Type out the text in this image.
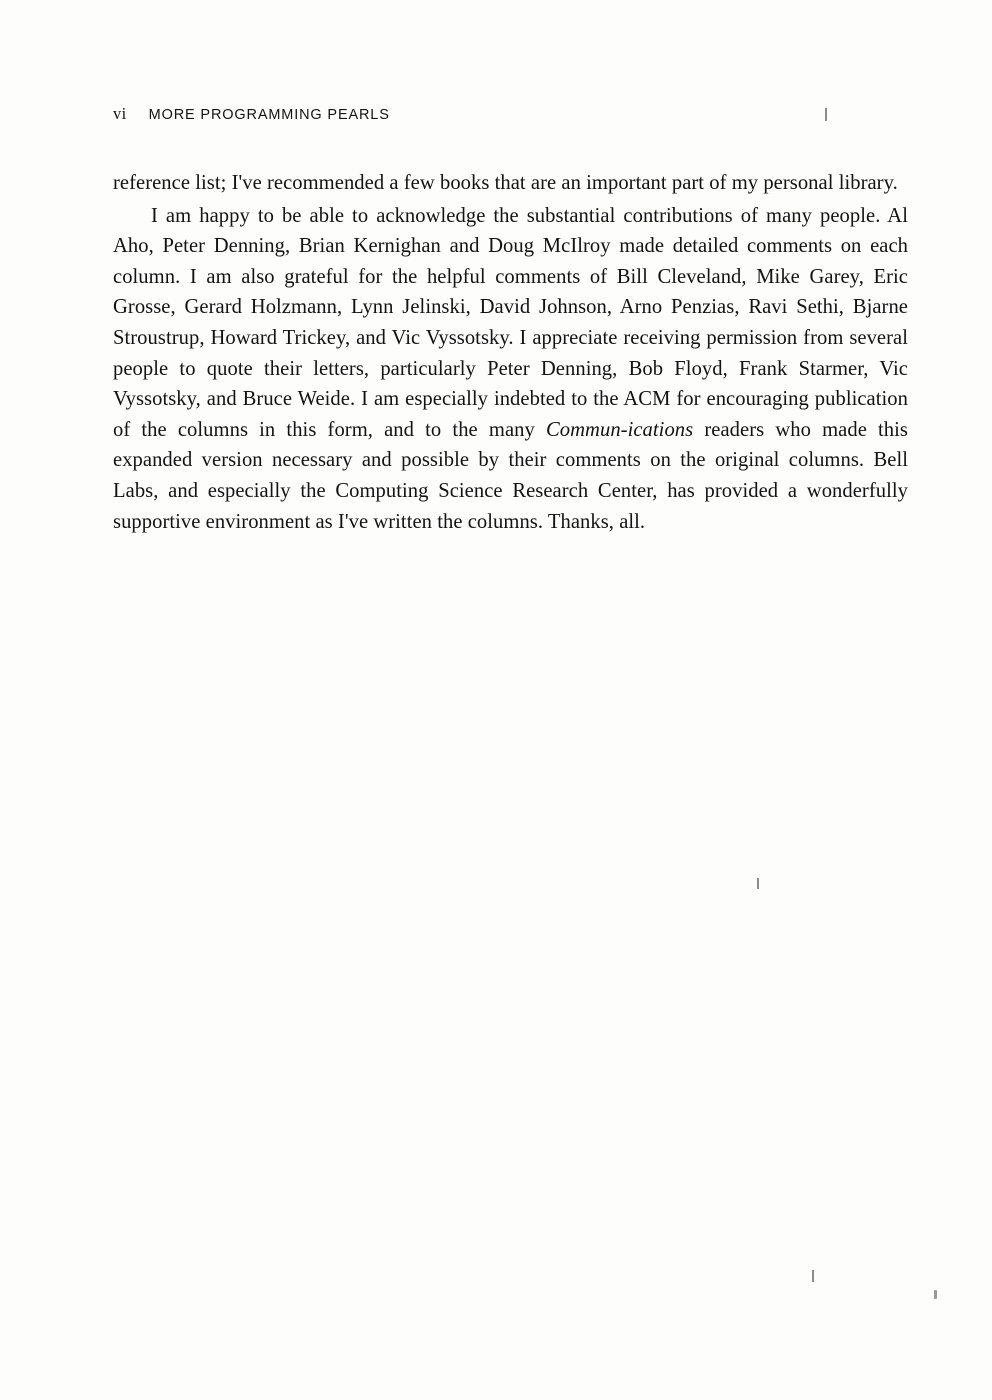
vi MORE PROGRAMMING PEARLS

reference list; I've recommended a few books that are an important part of my personal library.

I am happy to be able to acknowledge the substantial contributions of many people. Al Aho, Peter Denning, Brian Kernighan and Doug McIlroy made detailed comments on each column. I am also grateful for the helpful comments of Bill Cleveland, Mike Garey, Eric Grosse, Gerard Holzmann, Lynn Jelinski, David Johnson, Arno Penzias, Ravi Sethi, Bjarne Stroustrup, Howard Trickey, and Vic Vyssotsky. I appreciate receiving permission from several people to quote their letters, particularly Peter Denning, Bob Floyd, Frank Starmer, Vic Vyssotsky, and Bruce Weide. I am especially indebted to the ACM for encouraging publication of the columns in this form, and to the many Commun-ications readers who made this expanded version necessary and possible by their comments on the original columns. Bell Labs, and especially the Computing Science Research Center, has provided a wonderfully supportive environment as I've written the columns. Thanks, all.
